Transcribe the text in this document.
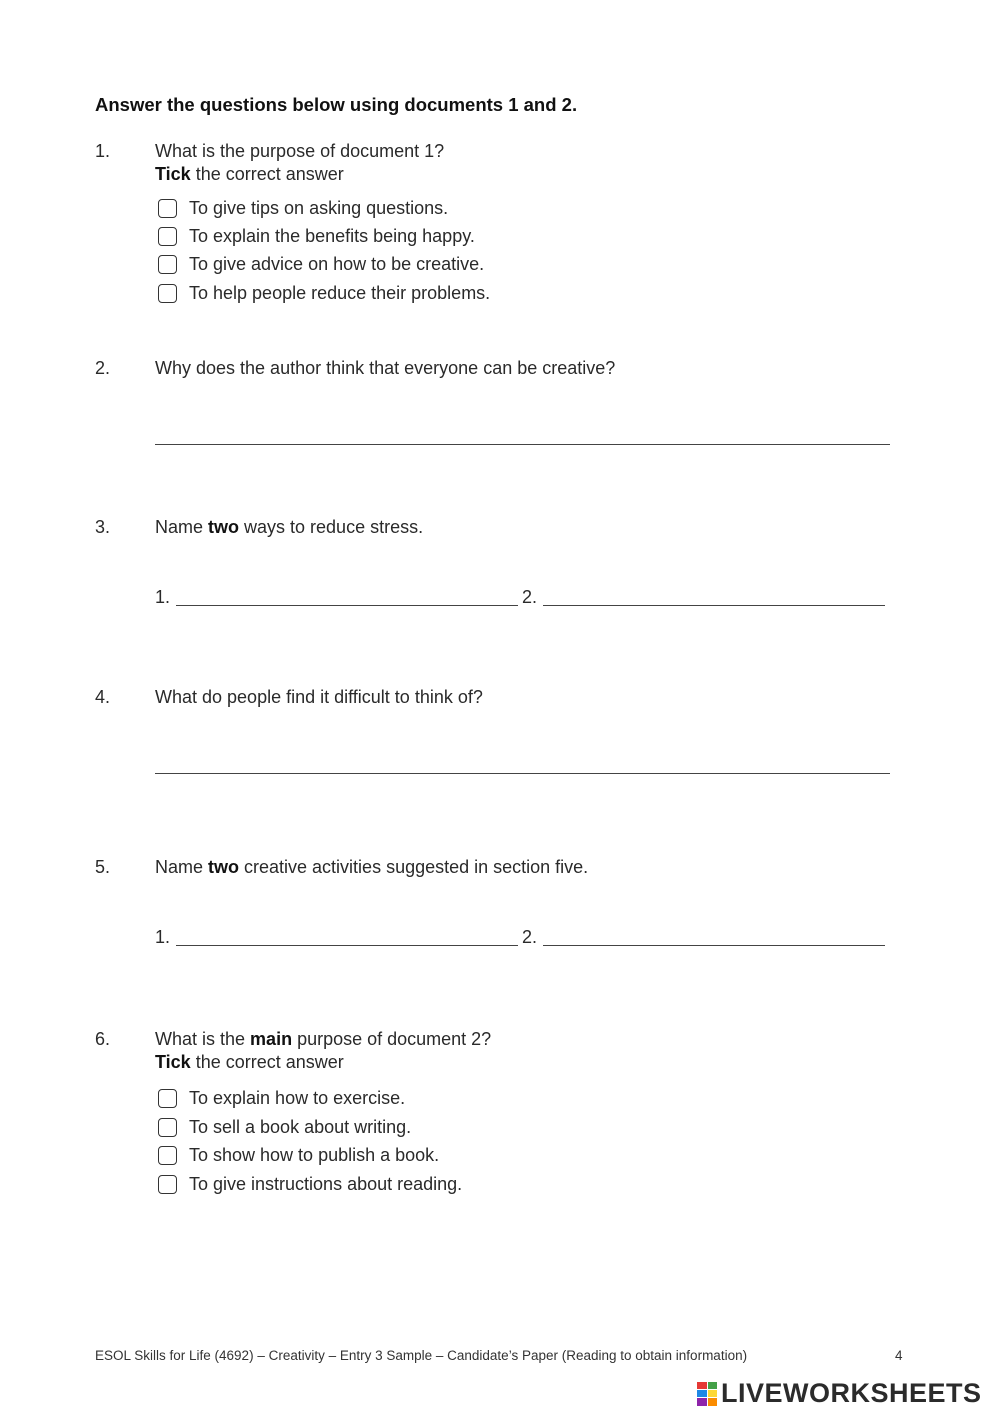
Answer the questions below using documents 1 and 2.
1. What is the purpose of document 1?
Tick the correct answer
To give tips on asking questions.
To explain the benefits being happy.
To give advice on how to be creative.
To help people reduce their problems.
2. Why does the author think that everyone can be creative?
3. Name two ways to reduce stress.
1.	2.
4. What do people find it difficult to think of?
5. Name two creative activities suggested in section five.
1.	2.
6. What is the main purpose of document 2?
Tick the correct answer
To explain how to exercise.
To sell a book about writing.
To show how to publish a book.
To give instructions about reading.
ESOL Skills for Life (4692) – Creativity – Entry 3 Sample – Candidate’s Paper (Reading to obtain information)	4
LIVEWORKSHEETS
